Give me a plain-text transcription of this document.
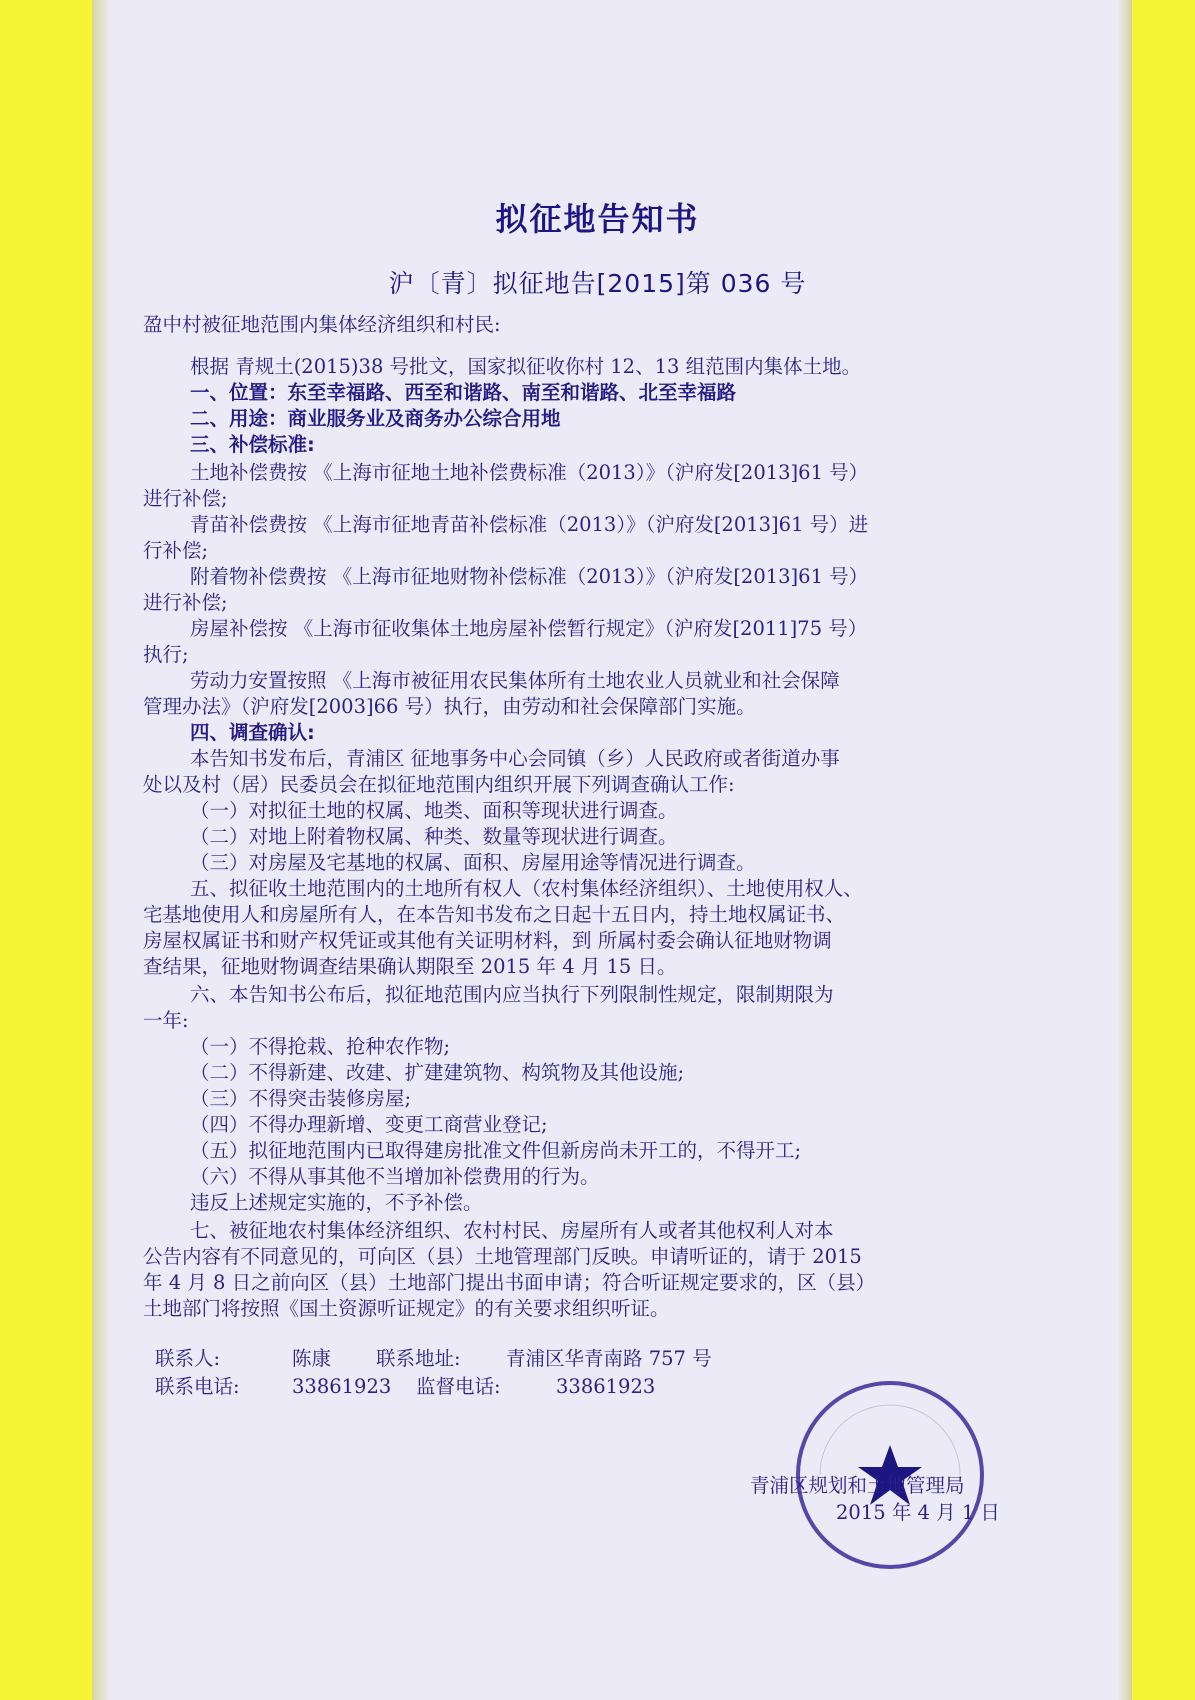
拟征地告知书
沪〔青〕拟征地告[2015]第 036 号
盈中村被征地范围内集体经济组织和村民:
根据 青规土(2015)38 号批文，国家拟征收你村 12、13 组范围内集体土地。
一、位置：东至幸福路、西至和谐路、南至和谐路、北至幸福路
二、用途：商业服务业及商务办公综合用地
三、补偿标准:
土地补偿费按 《上海市征地土地补偿费标准（2013）》（沪府发[2013]61 号）
进行补偿;
青苗补偿费按 《上海市征地青苗补偿标准（2013）》（沪府发[2013]61 号）进
行补偿;
附着物补偿费按 《上海市征地财物补偿标准（2013）》（沪府发[2013]61 号）
进行补偿;
房屋补偿按 《上海市征收集体土地房屋补偿暂行规定》（沪府发[2011]75 号）
执行;
劳动力安置按照 《上海市被征用农民集体所有土地农业人员就业和社会保障
管理办法》（沪府发[2003]66 号）执行，由劳动和社会保障部门实施。
四、调查确认:
本告知书发布后，青浦区 征地事务中心会同镇（乡）人民政府或者街道办事
处以及村（居）民委员会在拟征地范围内组织开展下列调查确认工作:
（一）对拟征土地的权属、地类、面积等现状进行调查。
（二）对地上附着物权属、种类、数量等现状进行调查。
（三）对房屋及宅基地的权属、面积、房屋用途等情况进行调查。
五、拟征收土地范围内的土地所有权人（农村集体经济组织）、土地使用权人、
宅基地使用人和房屋所有人，在本告知书发布之日起十五日内，持土地权属证书、
房屋权属证书和财产权凭证或其他有关证明材料，到 所属村委会确认征地财物调
查结果，征地财物调查结果确认期限至 2015 年 4 月 15 日。
六、本告知书公布后，拟征地范围内应当执行下列限制性规定，限制期限为
一年:
（一）不得抢栽、抢种农作物;
（二）不得新建、改建、扩建建筑物、构筑物及其他设施;
（三）不得突击装修房屋;
（四）不得办理新增、变更工商营业登记;
（五）拟征地范围内已取得建房批准文件但新房尚未开工的，不得开工;
（六）不得从事其他不当增加补偿费用的行为。
违反上述规定实施的，不予补偿。
七、被征地农村集体经济组织、农村村民、房屋所有人或者其他权利人对本
公告内容有不同意见的，可向区（县）土地管理部门反映。申请听证的，请于 2015
年 4 月 8 日之前向区（县）土地部门提出书面申请；符合听证规定要求的，区（县）
土地部门将按照《国土资源听证规定》的有关要求组织听证。
联系人:	陈康 联系地址: 青浦区华青南路 757 号
联系电话:	33861923 监督电话:	33861923
青浦区规划和土地管理局
2015 年 4 月 1 日
